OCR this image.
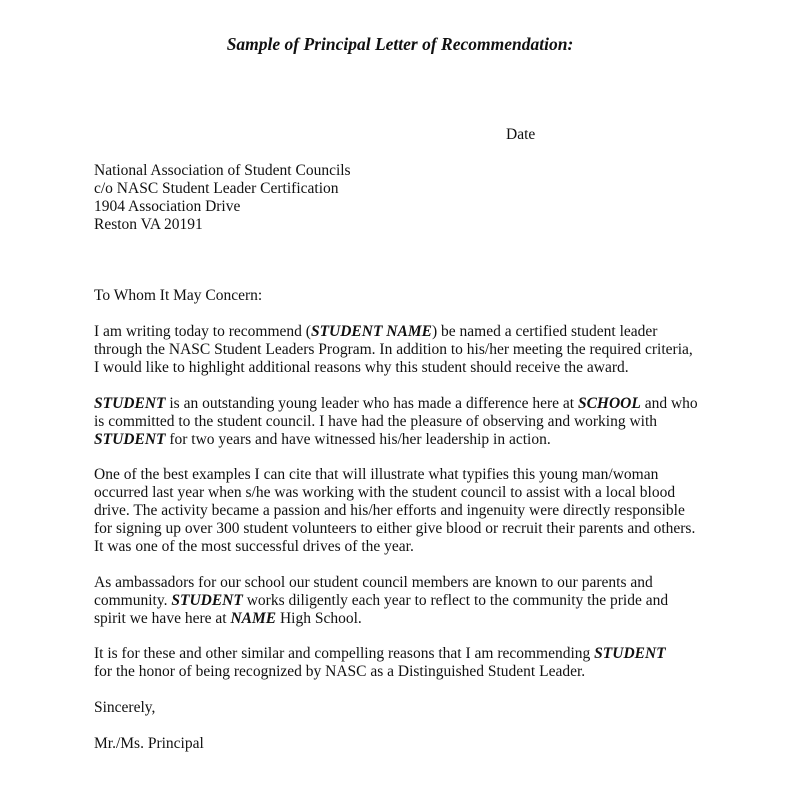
Sample of Principal Letter of Recommendation:
Date
National Association of Student Councils
c/o NASC Student Leader Certification
1904 Association Drive
Reston VA 20191
To Whom It May Concern:
I am writing today to recommend (STUDENT NAME) be named a certified student leader
through the NASC Student Leaders Program. In addition to his/her meeting the required criteria,
I would like to highlight additional reasons why this student should receive the award.
STUDENT is an outstanding young leader who has made a difference here at SCHOOL and who
is committed to the student council. I have had the pleasure of observing and working with
STUDENT for two years and have witnessed his/her leadership in action.
One of the best examples I can cite that will illustrate what typifies this young man/woman
occurred last year when s/he was working with the student council to assist with a local blood
drive. The activity became a passion and his/her efforts and ingenuity were directly responsible
for signing up over 300 student volunteers to either give blood or recruit their parents and others.
It was one of the most successful drives of the year.
As ambassadors for our school our student council members are known to our parents and
community. STUDENT works diligently each year to reflect to the community the pride and
spirit we have here at NAME High School.
It is for these and other similar and compelling reasons that I am recommending STUDENT
for the honor of being recognized by NASC as a Distinguished Student Leader.
Sincerely,
Mr./Ms. Principal
